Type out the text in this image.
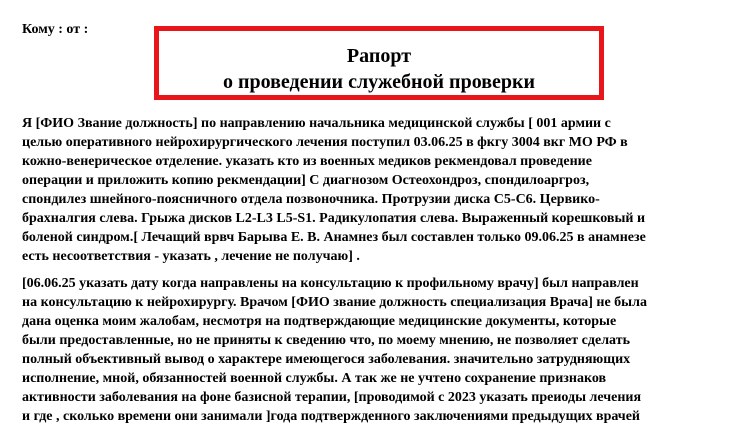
Кому : от :
Рапорт
о проведении служебной проверки
Я [ФИО Звание должность] по направлению начальника медицинской службы [ 001 армии с
целью оперативного нейрохирургического лечения поступил 03.06.25 в фкгу 3004 вкг МО РФ в
кожно-венерическое отделение. указать кто из военных медиков рекмендовал проведение
операции и приложить копию рекмендации] С диагнозом Остеохондроз, спондилоаргроз,
спондилез шнейного-поясничного отдела позвоночника. Протрузии диска C5-C6. Цервико-
брахналгия слева. Грыжа дисков L2-L3 L5-S1. Радикулопатия слева. Выраженный корешковый и
боленой синдром.[ Лечащий врвч Барыва Е. В. Анамнез был составлен только 09.06.25 в анамнезе
есть несоответствия - указать , лечение не получаю] .
[06.06.25 указать дату когда направлены на консультацию к профильному врачу] был направлен
на консультацию к нейрохирургу. Врачом [ФИО звание должность специализация Врача] не была
дана оценка моим жалобам, несмотря на подтверждающие медицинские документы, которые
были предоставленные, но не приняты к сведению что, по моему мнению, не позволяет сделать
полный объективный вывод о характере имеющегося заболевания. значительно затрудняющих
исполнение, мной, обязанностей военной службы. А так же не учтено сохранение признаков
активности заболевания на фоне базисной терапии, [проводимой с 2023 указать преиоды лечения
и где , сколько времени они занимали ]года подтвержденного заключениями предыдущих врачей
